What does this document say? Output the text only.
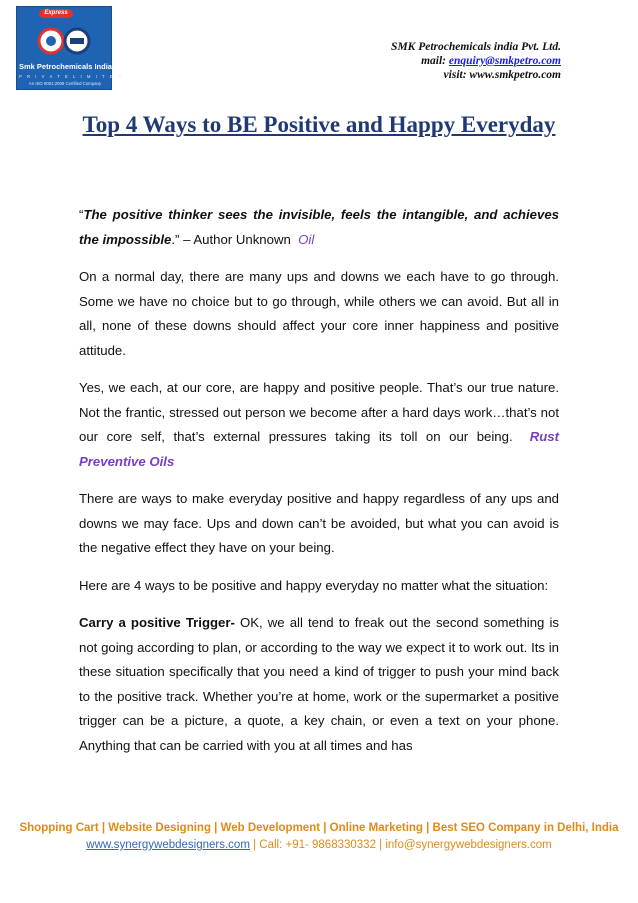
Express
Smk Petrochemicals India
P R I V A T E L I M I T E D
An ISO 9001:2008 Certified Company
SMK Petrochemicals india Pvt. Ltd.
mail: enquiry@smkpetro.com
visit: www.smkpetro.com
Top 4 Ways to BE Positive and Happy Everyday

“The positive thinker sees the invisible, feels the intangible, and achieves the impossible.” – Author Unknown Oil

On a normal day, there are many ups and downs we each have to go through. Some we have no choice but to go through, while others we can avoid. But all in all, none of these downs should affect your core inner happiness and positive attitude.

Yes, we each, at our core, are happy and positive people. That’s our true nature. Not the frantic, stressed out person we become after a hard days work…that’s not our core self, that’s external pressures taking its toll on our being. Rust Preventive Oils

There are ways to make everyday positive and happy regardless of any ups and downs we may face. Ups and down can’t be avoided, but what you can avoid is the negative effect they have on your being.

Here are 4 ways to be positive and happy everyday no matter what the situation:

Carry a positive Trigger- OK, we all tend to freak out the second something is not going according to plan, or according to the way we expect it to work out. Its in these situation specifically that you need a kind of trigger to push your mind back to the positive track. Whether you’re at home, work or the supermarket a positive trigger can be a picture, a quote, a key chain, or even a text on your phone. Anything that can be carried with you at all times and has

Shopping Cart | Website Designing | Web Development | Online Marketing | Best SEO Company in Delhi, India
www.synergywebdesigners.com | Call: +91- 9868330332 | info@synergywebdesigners.com
